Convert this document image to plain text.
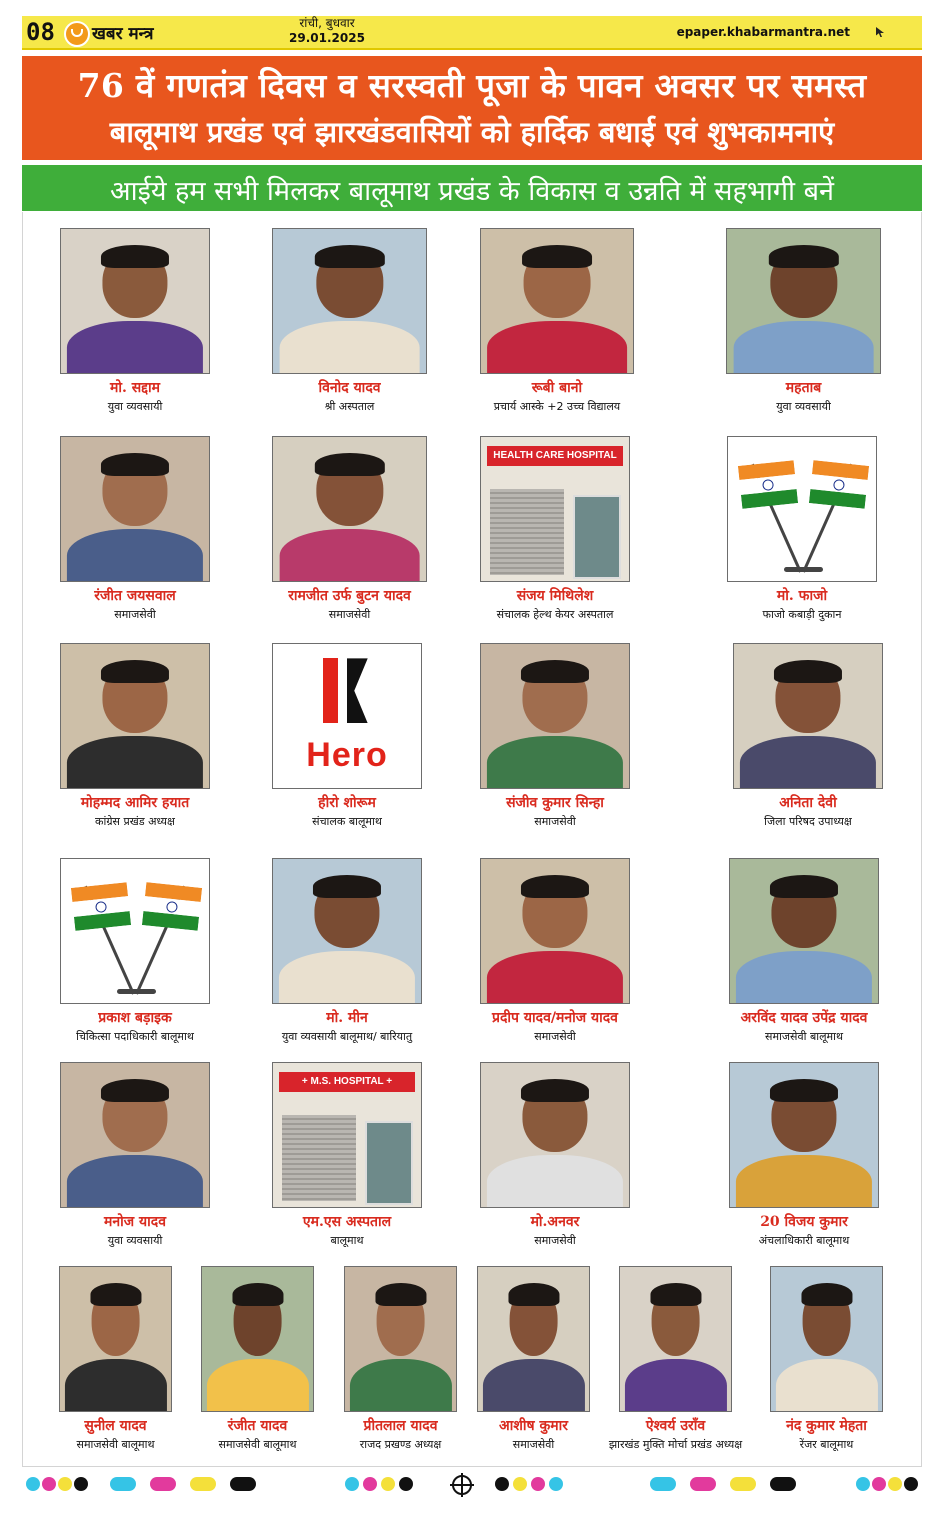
08 खबर मन्त्र
रांची, बुधवार
29.01.2025	epaper.khabarmantra.net
76 वें गणतंत्र दिवस व सरस्वती पूजा के पावन अवसर पर समस्त
बालूमाथ प्रखंड एवं झारखंडवासियों को हार्दिक बधाई एवं शुभकामनाएं
आईये हम सभी मिलकर बालूमाथ प्रखंड के विकास व उन्नति में सहभागी बनें
मो. सद्दाम
युवा व्यवसायी
विनोद यादव
श्री अस्पताल
रूबी बानो
प्रचार्य आस्के +2 उच्च विद्यालय
महताब
युवा व्यवसायी
रंजीत जयसवाल
समाजसेवी
रामजीत उर्फ बुटन यादव
समाजसेवी
HEALTH CARE HOSPITAL
संजय मिथिलेश
संचालक हेल्थ केयर अस्पताल
मो. फाजो
फाजो कबाड़ी दुकान
मोहम्मद आमिर हयात
कांग्रेस प्रखंड अध्यक्ष
Hero
हीरो शोरूम
संचालक बालूमाथ
संजीव कुमार सिन्हा
समाजसेवी
अनिता देवी
जिला परिषद उपाध्यक्ष
प्रकाश बड़ाइक
चिकित्सा पदाधिकारी बालूमाथ
मो. मीन
युवा व्यवसायी बालूमाथ/ बारियातु
प्रदीप यादव/मनोज यादव
समाजसेवी
अरविंद यादव उपेंद्र यादव
समाजसेवी बालूमाथ
मनोज यादव
युवा व्यवसायी
+ M.S. HOSPITAL +
एम.एस अस्पताल
बालूमाथ
मो.अनवर
समाजसेवी
20 विजय कुमार
अंचलाधिकारी बालूमाथ
सुनील यादव
समाजसेवी बालूमाथ
रंजीत यादव
समाजसेवी बालूमाथ
प्रीतलाल यादव
राजद प्रखण्ड अध्यक्ष
आशीष कुमार
समाजसेवी
ऐश्वर्य उराँव
झारखंड मुक्ति मोर्चा प्रखंड अध्यक्ष
नंद कुमार मेहता
रेंजर बालूमाथ
